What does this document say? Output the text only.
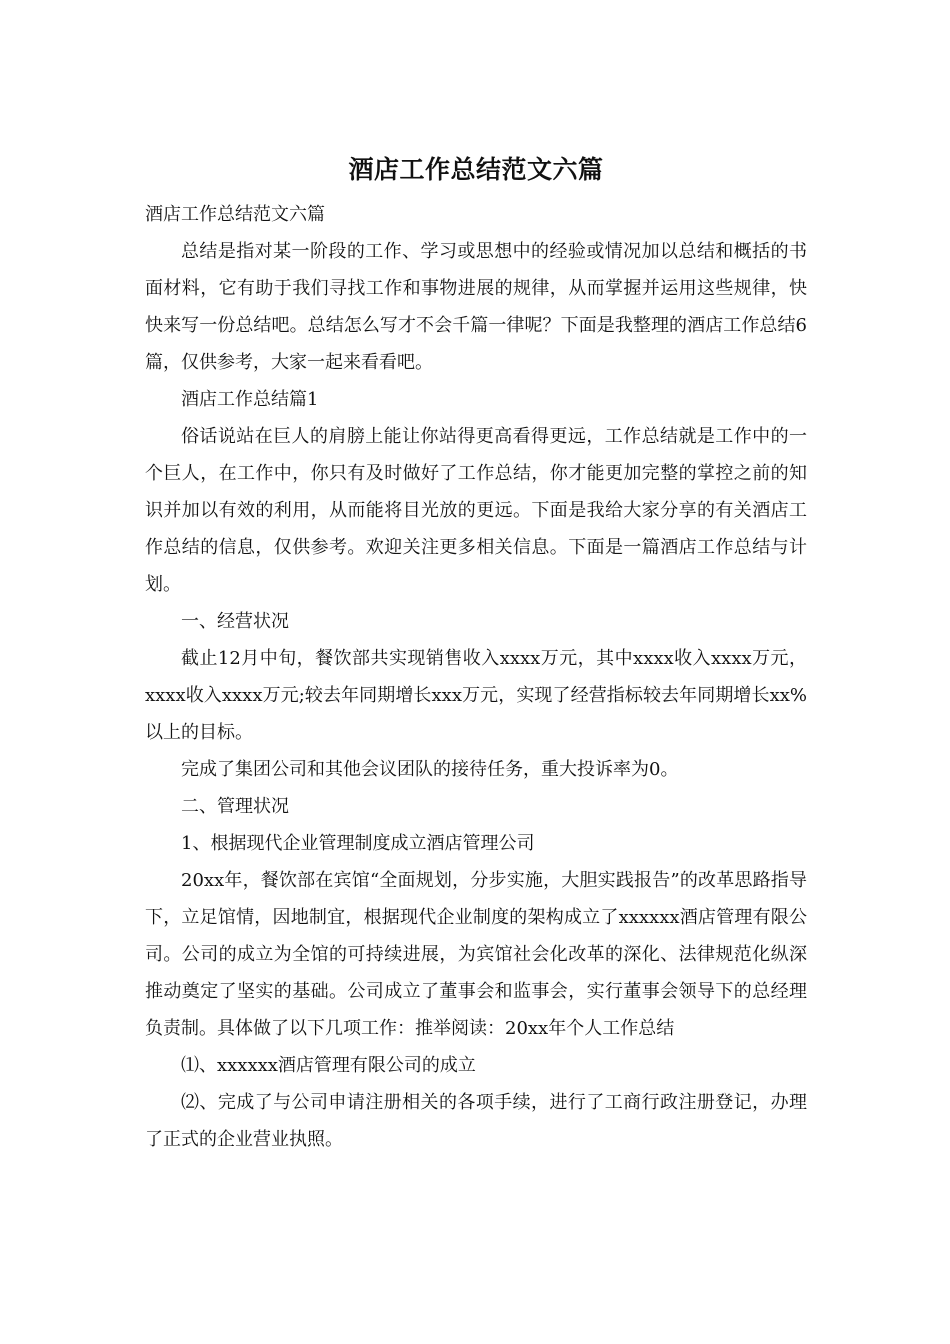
酒店工作总结范文六篇

酒店工作总结范文六篇

总结是指对某一阶段的工作、学习或思想中的经验或情况加以总结和概括的书面材料，它有助于我们寻找工作和事物进展的规律，从而掌握并运用这些规律，快快来写一份总结吧。总结怎么写才不会千篇一律呢？下面是我整理的酒店工作总结6篇，仅供参考，大家一起来看看吧。

酒店工作总结篇1

俗话说站在巨人的肩膀上能让你站得更高看得更远，工作总结就是工作中的一个巨人，在工作中，你只有及时做好了工作总结，你才能更加完整的掌控之前的知识并加以有效的利用，从而能将目光放的更远。下面是我给大家分享的有关酒店工作总结的信息，仅供参考。欢迎关注更多相关信息。下面是一篇酒店工作总结与计划。

一、经营状况

截止12月中旬，餐饮部共实现销售收入xxxx万元，其中xxxx收入xxxx万元，xxxx收入xxxx万元;较去年同期增长xxx万元，实现了经营指标较去年同期增长xx%以上的目标。

完成了集团公司和其他会议团队的接待任务，重大投诉率为0。

二、管理状况

1、根据现代企业管理制度成立酒店管理公司

20xx年，餐饮部在宾馆“全面规划，分步实施，大胆实践报告”的改革思路指导下，立足馆情，因地制宜，根据现代企业制度的架构成立了xxxxxx酒店管理有限公司。公司的成立为全馆的可持续进展，为宾馆社会化改革的深化、法律规范化纵深推动奠定了坚实的基础。公司成立了董事会和监事会，实行董事会领导下的总经理负责制。具体做了以下几项工作：推举阅读：20xx年个人工作总结

⑴、xxxxxx酒店管理有限公司的成立

⑵、完成了与公司申请注册相关的各项手续，进行了工商行政注册登记，办理了正式的企业营业执照。
